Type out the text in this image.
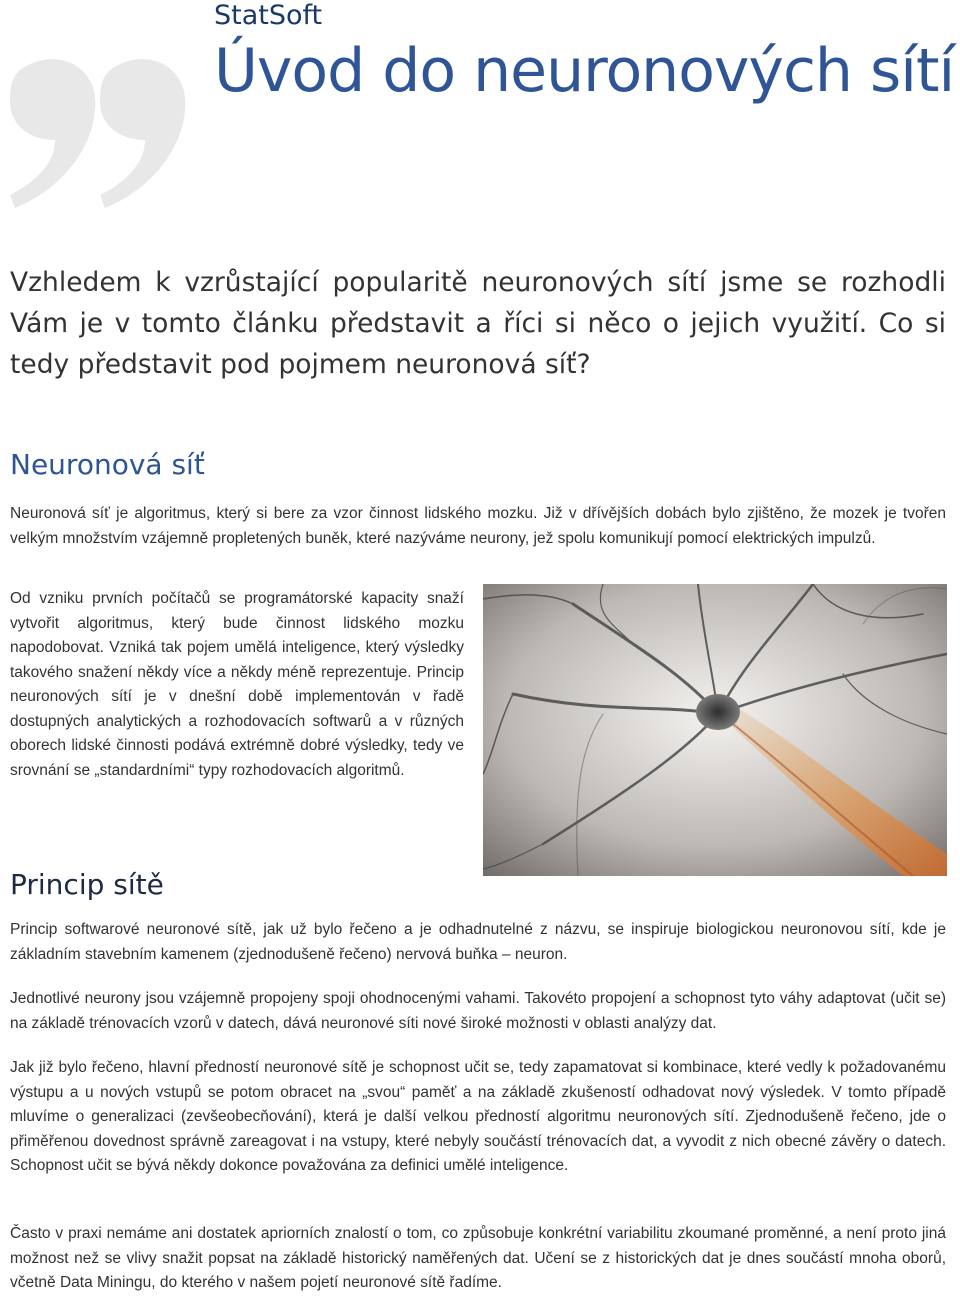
StatSoft
Úvod do neuronových sítí

Vzhledem k vzrůstající popularitě neuronových sítí jsme se rozhodli Vám je v tomto článku představit a říci si něco o jejich využití. Co si tedy představit pod pojmem neuronová síť?

Neuronová síť

Neuronová síť je algoritmus, který si bere za vzor činnost lidského mozku. Již v dřívějších dobách bylo zjištěno, že mozek je tvořen velkým množstvím vzájemně propletených buněk, které nazýváme neurony, jež spolu komunikují pomocí elektrických impulzů.

Od vzniku prvních počítačů se programátorské kapacity snaží vytvořit algoritmus, který bude činnost lidského mozku napodobovat. Vzniká tak pojem umělá inteligence, který výsledky takového snažení někdy více a někdy méně reprezentuje. Princip neuronových sítí je v dnešní době implementován v řadě dostupných analytických a rozhodovacích softwarů a v různých oborech lidské činnosti podává extrémně dobré výsledky, tedy ve srovnání se „standardními“ typy rozhodovacích algoritmů.

Princip sítě

Princip softwarové neuronové sítě, jak už bylo řečeno a je odhadnutelné z názvu, se inspiruje biologickou neuronovou sítí, kde je základním stavebním kamenem (zjednodušeně řečeno) nervová buňka – neuron.

Jednotlivé neurony jsou vzájemně propojeny spoji ohodnocenými vahami. Takovéto propojení a schopnost tyto váhy adaptovat (učit se) na základě trénovacích vzorů v datech, dává neuronové síti nové široké možnosti v oblasti analýzy dat.

Jak již bylo řečeno, hlavní předností neuronové sítě je schopnost učit se, tedy zapamatovat si kombinace, které vedly k požadovanému výstupu a u nových vstupů se potom obracet na „svou“ paměť a na základě zkušeností odhadovat nový výsledek. V tomto případě mluvíme o generalizaci (zevšeobecňování), která je další velkou předností algoritmu neuronových sítí. Zjednodušeně řečeno, jde o přiměřenou dovednost správně zareagovat i na vstupy, které nebyly součástí trénovacích dat, a vyvodit z nich obecné závěry o datech. Schopnost učit se bývá někdy dokonce považována za definici umělé inteligence.

Často v praxi nemáme ani dostatek apriorních znalostí o tom, co způsobuje konkrétní variabilitu zkoumané proměnné, a není proto jiná možnost než se vlivy snažit popsat na základě historický naměřených dat. Učení se z historických dat je dnes součástí mnoha oborů, včetně Data Miningu, do kterého v našem pojetí neuronové sítě řadíme.
